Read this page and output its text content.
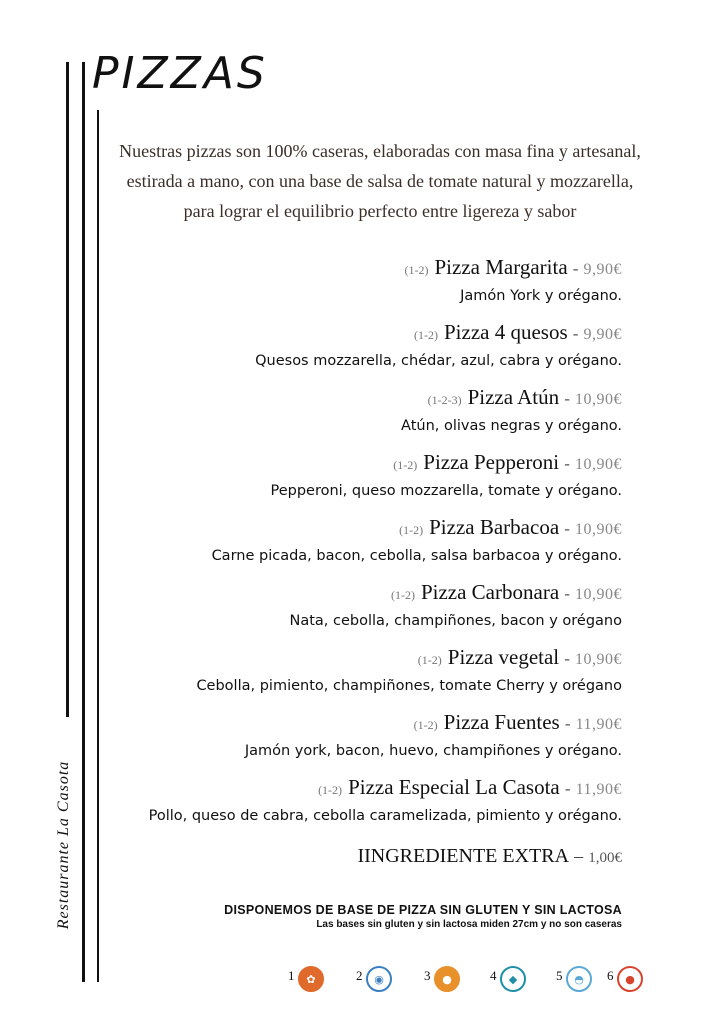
PIZZAS

Nuestras pizzas son 100% caseras, elaboradas con masa fina y artesanal, estirada a mano, con una base de salsa de tomate natural y mozzarella, para lograr el equilibrio perfecto entre ligereza y sabor

(1-2) Pizza Margarita - 9,90€
Jamón York y orégano.
(1-2) Pizza 4 quesos - 9,90€
Quesos mozzarella, chédar, azul, cabra y orégano.
(1-2-3) Pizza Atún - 10,90€
Atún, olivas negras y orégano.
(1-2) Pizza Pepperoni - 10,90€
Pepperoni, queso mozzarella, tomate y orégano.
(1-2) Pizza Barbacoa - 10,90€
Carne picada, bacon, cebolla, salsa barbacoa y orégano.
(1-2) Pizza Carbonara - 10,90€
Nata, cebolla, champiñones, bacon y orégano
(1-2) Pizza vegetal - 10,90€
Cebolla, pimiento, champiñones, tomate Cherry y orégano
(1-2) Pizza Fuentes - 11,90€
Jamón york, bacon, huevo, champiñones y orégano.
(1-2) Pizza Especial La Casota - 11,90€
Pollo, queso de cabra, cebolla caramelizada, pimiento y orégano.
IINGREDIENTE EXTRA – 1,00€
DISPONEMOS DE BASE DE PIZZA SIN GLUTEN Y SIN LACTOSA
Las bases sin gluten y sin lactosa miden 27cm y no son caseras
Restaurante La Casota
1	✿	2	◉	3	●	4	◆	5	◓	6	●
